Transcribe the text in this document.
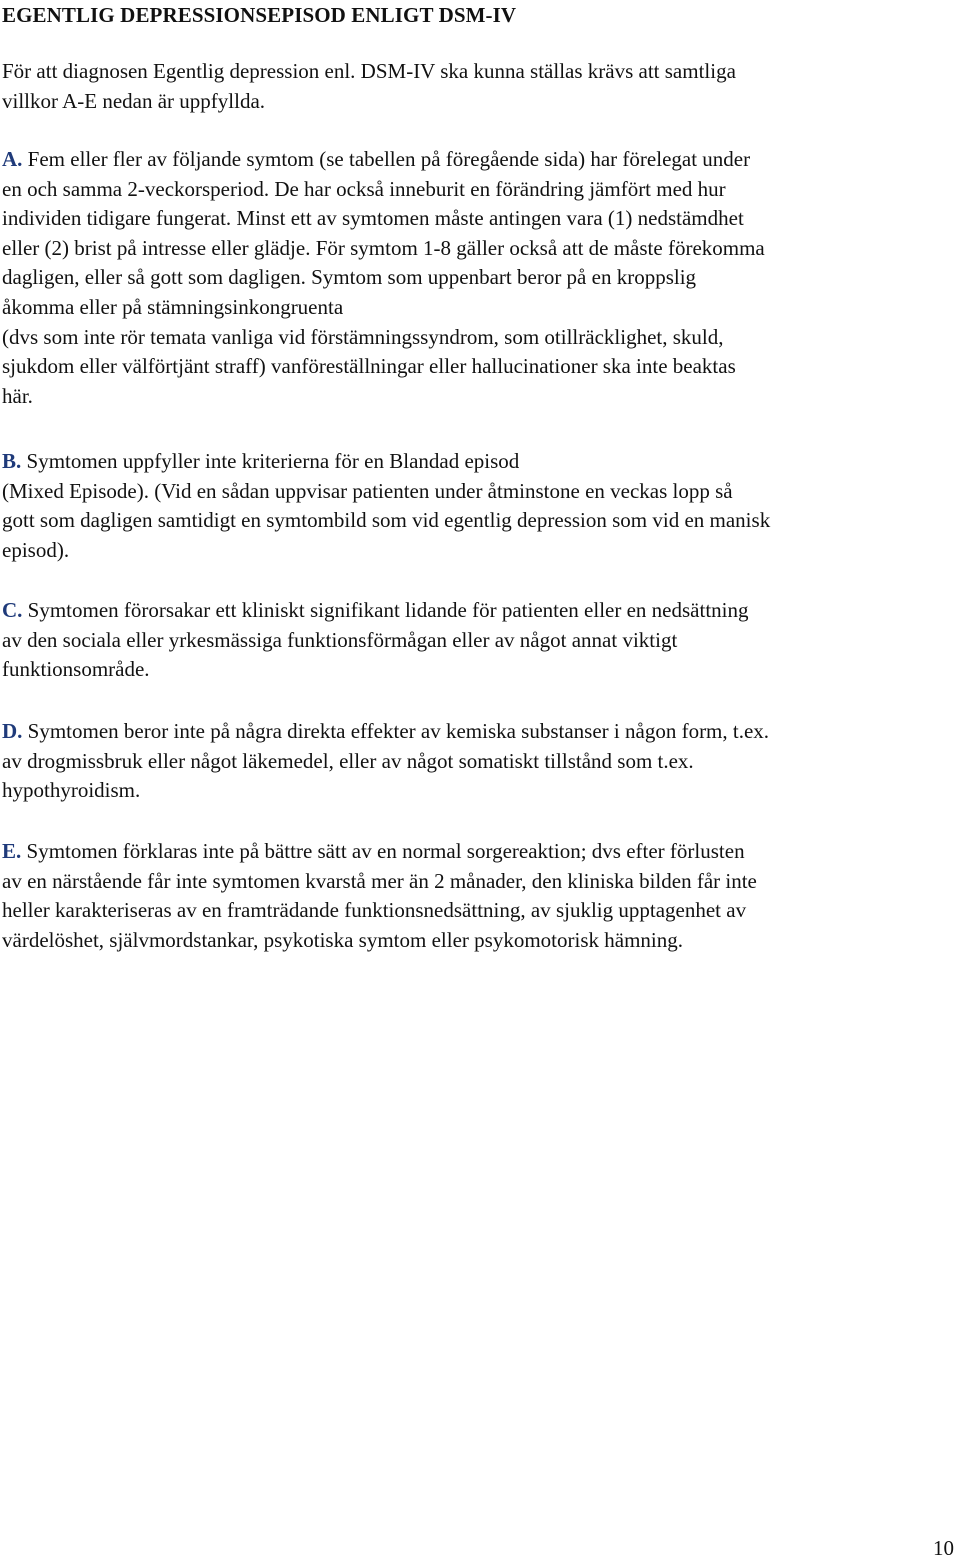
EGENTLIG DEPRESSIONSEPISOD ENLIGT DSM-IV

För att diagnosen Egentlig depression enl. DSM-IV ska kunna ställas krävs att samtliga
villkor A-E nedan är uppfyllda.

A. Fem eller fler av följande symtom (se tabellen på föregående sida) har förelegat under
en och samma 2-veckorsperiod. De har också inneburit en förändring jämfört med hur
individen tidigare fungerat. Minst ett av symtomen måste antingen vara (1) nedstämdhet
eller (2) brist på intresse eller glädje. För symtom 1-8 gäller också att de måste förekomma
dagligen, eller så gott som dagligen. Symtom som uppenbart beror på en kroppslig
åkomma eller på stämningsinkongruenta
(dvs som inte rör temata vanliga vid förstämningssyndrom, som otillräcklighet, skuld,
sjukdom eller välförtjänt straff) vanföreställningar eller hallucinationer ska inte beaktas
här.

B. Symtomen uppfyller inte kriterierna för en Blandad episod
(Mixed Episode). (Vid en sådan uppvisar patienten under åtminstone en veckas lopp så
gott som dagligen samtidigt en symtombild som vid egentlig depression som vid en manisk
episod).

C. Symtomen förorsakar ett kliniskt signifikant lidande för patienten eller en nedsättning
av den sociala eller yrkesmässiga funktionsförmågan eller av något annat viktigt
funktionsområde.

D. Symtomen beror inte på några direkta effekter av kemiska substanser i någon form, t.ex.
av drogmissbruk eller något läkemedel, eller av något somatiskt tillstånd som t.ex.
hypothyroidism.

E. Symtomen förklaras inte på bättre sätt av en normal sorgereaktion; dvs efter förlusten
av en närstående får inte symtomen kvarstå mer än 2 månader, den kliniska bilden får inte
heller karakteriseras av en framträdande funktionsnedsättning, av sjuklig upptagenhet av
värdelöshet, självmordstankar, psykotiska symtom eller psykomotorisk hämning.

10
